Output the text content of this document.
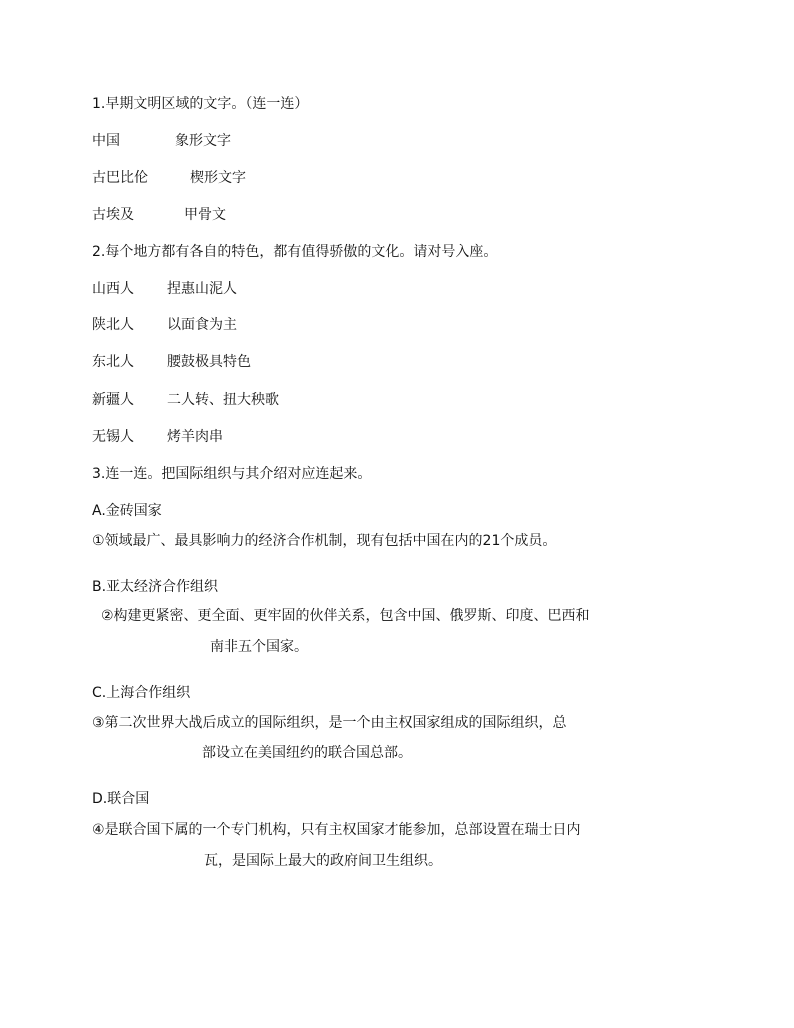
1.早期文明区域的文字。（连一连）
中国	象形文字
古巴比伦	楔形文字
古埃及	甲骨文
2.每个地方都有各自的特色，都有值得骄傲的文化。请对号入座。
山西人 捏惠山泥人
陕北人 以面食为主
东北人 腰鼓极具特色
新疆人 二人转、扭大秧歌
无锡人 烤羊肉串
3.连一连。把国际组织与其介绍对应连起来。
A.金砖国家
①领域最广、最具影响力的经济合作机制，现有包括中国在内的21个成员。
B.亚太经济合作组织
②构建更紧密、更全面、更牢固的伙伴关系，包含中国、俄罗斯、印度、巴西和
南非五个国家。
C.上海合作组织
③第二次世界大战后成立的国际组织，是一个由主权国家组成的国际组织，总
部设立在美国纽约的联合国总部。
D.联合国
④是联合国下属的一个专门机构，只有主权国家才能参加，总部设置在瑞士日内
瓦，是国际上最大的政府间卫生组织。
